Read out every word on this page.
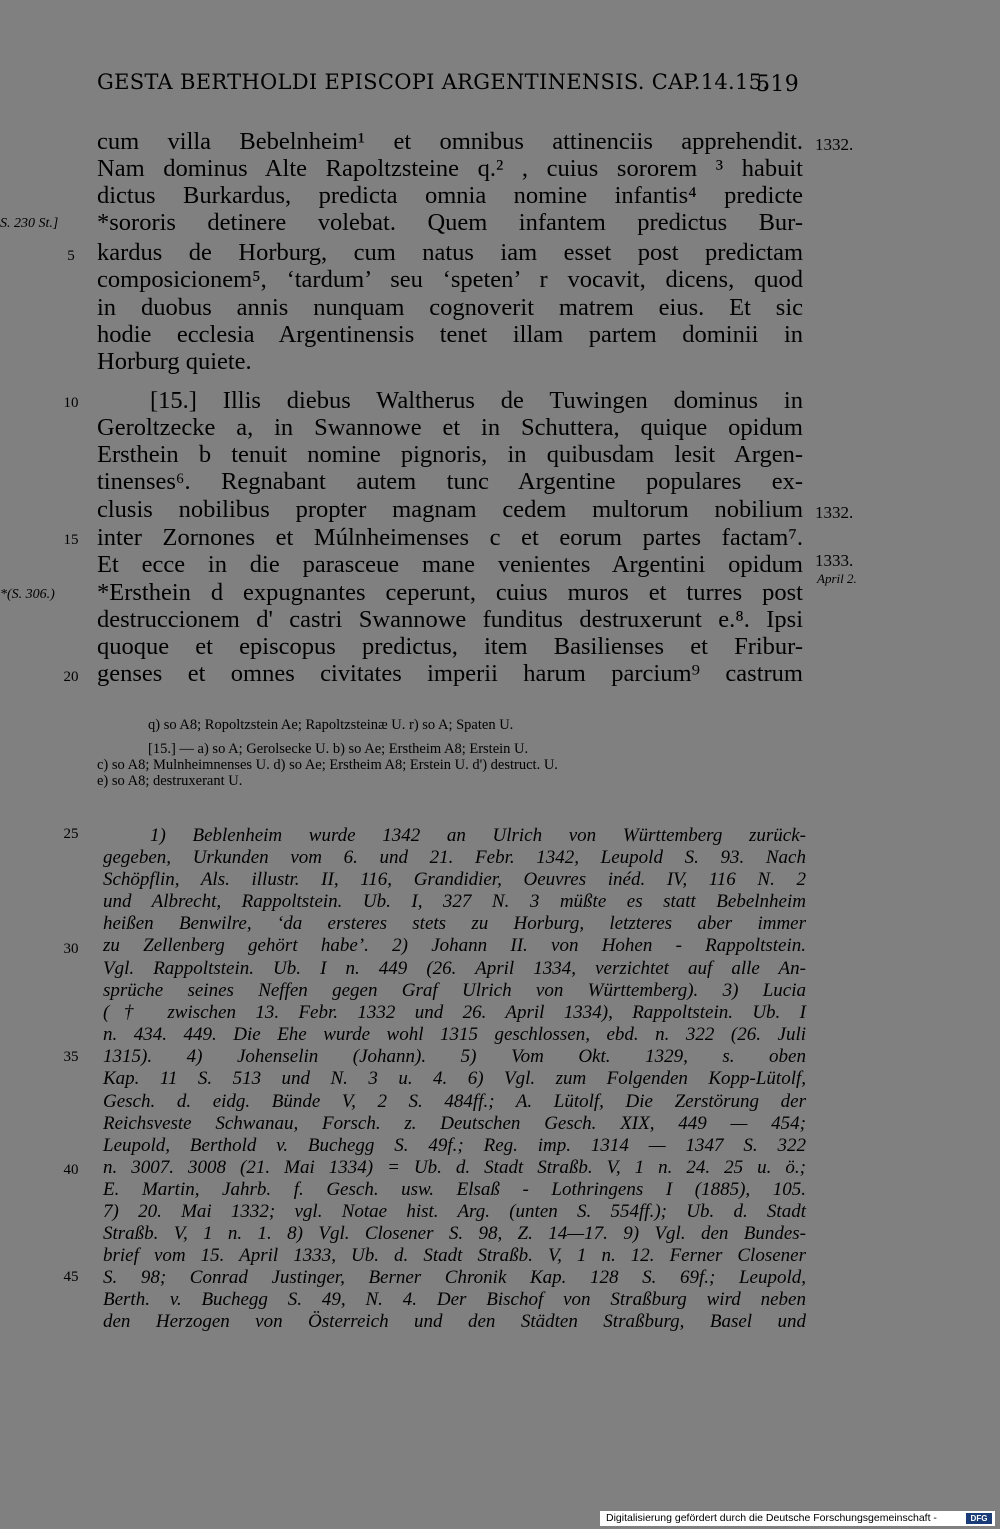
GESTA BERTHOLDI EPISCOPI ARGENTINENSIS. CAP.14.15.
519
cum villa Bebelnheim¹ et omnibus attinenciis apprehendit.
Nam dominus Alte Rapoltzsteine q.² , cuius sororem ³ habuit
dictus Burkardus, predicta omnia nomine infantis⁴ predicte
*sororis detinere volebat. Quem infantem predictus Bur-
kardus de Horburg, cum natus iam esset post predictam
composicionem⁵, ‘tardum’ seu ‘speten’ r vocavit, dicens, quod
in duobus annis nunquam cognoverit matrem eius. Et sic
hodie ecclesia Argentinensis tenet illam partem dominii in
Horburg quiete.
[15.] Illis diebus Waltherus de Tuwingen dominus in
Geroltzecke a, in Swannowe et in Schuttera, quique opidum
Ersthein b tenuit nomine pignoris, in quibusdam lesit Argen-
tinenses⁶. Regnabant autem tunc Argentine populares ex-
clusis nobilibus propter magnam cedem multorum nobilium
inter Zornones et Múlnheimenses c et eorum partes factam⁷.
Et ecce in die parasceue mane venientes Argentini opidum
*Ersthein d expugnantes ceperunt, cuius muros et turres post
destruccionem d' castri Swannowe funditus destruxerunt e.⁸. Ipsi
quoque et episcopus predictus, item Basilienses et Fribur-
genses et omnes civitates imperii harum parcium⁹ castrum
5
10
15
20
25
30
35
40
45
S. 230 St.]
*(S. 306.)
1332.
1332.
1333.
April 2.
q) so A8; Ropoltzstein Ae; Rapoltzsteinæ U. r) so A; Spaten U.
[15.] — a) so A; Gerolsecke U. b) so Ae; Erstheim A8; Erstein U.
c) so A8; Mulnheimnenses U. d) so Ae; Erstheim A8; Erstein U. d') destruct. U.
e) so A8; destruxerant U.
1) Beblenheim wurde 1342 an Ulrich von Württemberg zurück-
gegeben, Urkunden vom 6. und 21. Febr. 1342, Leupold S. 93. Nach
Schöpflin, Als. illustr. II, 116, Grandidier, Oeuvres inéd. IV, 116 N. 2
und Albrecht, Rappoltstein. Ub. I, 327 N. 3 müßte es statt Bebelnheim
heißen Benwilre, ‘da ersteres stets zu Horburg, letzteres aber immer
zu Zellenberg gehört habe’. 2) Johann II. von Hohen - Rappoltstein.
Vgl. Rappoltstein. Ub. I n. 449 (26. April 1334, verzichtet auf alle An-
sprüche seines Neffen gegen Graf Ulrich von Württemberg). 3) Lucia
(† zwischen 13. Febr. 1332 und 26. April 1334), Rappoltstein. Ub. I
n. 434. 449. Die Ehe wurde wohl 1315 geschlossen, ebd. n. 322 (26. Juli
1315). 4) Johenselin (Johann). 5) Vom Okt. 1329, s. oben
Kap. 11 S. 513 und N. 3 u. 4. 6) Vgl. zum Folgenden Kopp-Lütolf,
Gesch. d. eidg. Bünde V, 2 S. 484ff.; A. Lütolf, Die Zerstörung der
Reichsveste Schwanau, Forsch. z. Deutschen Gesch. XIX, 449 — 454;
Leupold, Berthold v. Buchegg S. 49f.; Reg. imp. 1314 — 1347 S. 322
n. 3007. 3008 (21. Mai 1334) = Ub. d. Stadt Straßb. V, 1 n. 24. 25 u. ö.;
E. Martin, Jahrb. f. Gesch. usw. Elsaß - Lothringens I (1885), 105.
7) 20. Mai 1332; vgl. Notae hist. Arg. (unten S. 554ff.); Ub. d. Stadt
Straßb. V, 1 n. 1. 8) Vgl. Closener S. 98, Z. 14—17. 9) Vgl. den Bundes-
brief vom 15. April 1333, Ub. d. Stadt Straßb. V, 1 n. 12. Ferner Closener
S. 98; Conrad Justinger, Berner Chronik Kap. 128 S. 69f.; Leupold,
Berth. v. Buchegg S. 49, N. 4. Der Bischof von Straßburg wird neben
den Herzogen von Österreich und den Städten Straßburg, Basel und
Digitalisierung gefördert durch die Deutsche Forschungsgemeinschaft -	DFG
